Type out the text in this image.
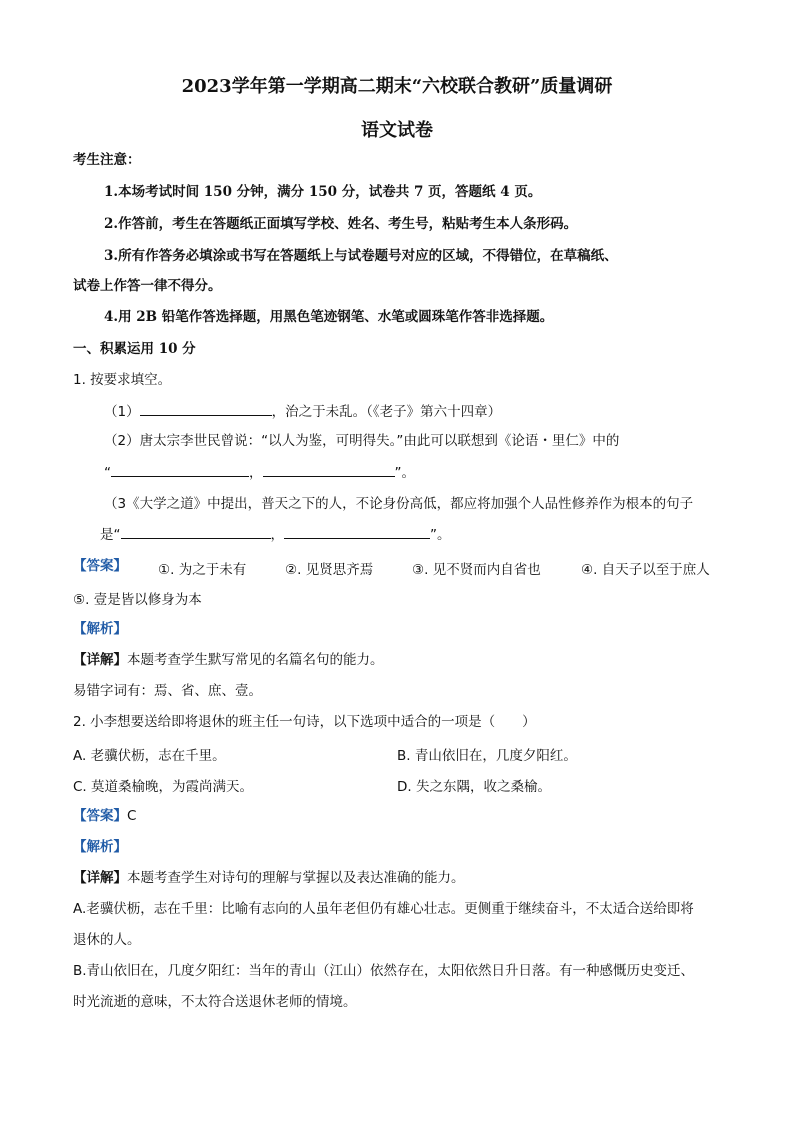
2023学年第一学期高二期末“六校联合教研”质量调研
语文试卷
考生注意：
1.本场考试时间 150 分钟，满分 150 分，试卷共 7 页，答题纸 4 页。
2.作答前，考生在答题纸正面填写学校、姓名、考生号，粘贴考生本人条形码。
3.所有作答务必填涂或书写在答题纸上与试卷题号对应的区域，不得错位，在草稿纸、
试卷上作答一律不得分。
4.用 2B 铅笔作答选择题，用黑色笔迹钢笔、水笔或圆珠笔作答非选择题。
一、积累运用 10 分
1. 按要求填空。
（1）	，治之于未乱。（《老子》第六十四章）
（2）唐太宗李世民曾说：“以人为鉴，可明得失。”由此可以联想到《论语・里仁》中的
“	，	”。
（3《大学之道》中提出，普天之下的人，不论身份高低，都应将加强个人品性修养作为根本的句子
是“	，	”。
【答案】 ①. 为之于未有	②. 见贤思齐焉	③. 见不贤而内自省也	④. 自天子以至于庶人
⑤. 壹是皆以修身为本
【解析】
【详解】本题考查学生默写常见的名篇名句的能力。
易错字词有：焉、省、庶、壹。
2. 小李想要送给即将退休的班主任一句诗，以下选项中适合的一项是（　　）
A. 老骥伏枥，志在千里。	B. 青山依旧在，几度夕阳红。
C. 莫道桑榆晚，为霞尚满天。	D. 失之东隅，收之桑榆。
【答案】C
【解析】
【详解】本题考查学生对诗句的理解与掌握以及表达准确的能力。
A.老骥伏枥，志在千里：比喻有志向的人虽年老但仍有雄心壮志。更侧重于继续奋斗，不太适合送给即将
退休的人。
B.青山依旧在，几度夕阳红：当年的青山（江山）依然存在，太阳依然日升日落。有一种感慨历史变迁、
时光流逝的意味，不太符合送退休老师的情境。
